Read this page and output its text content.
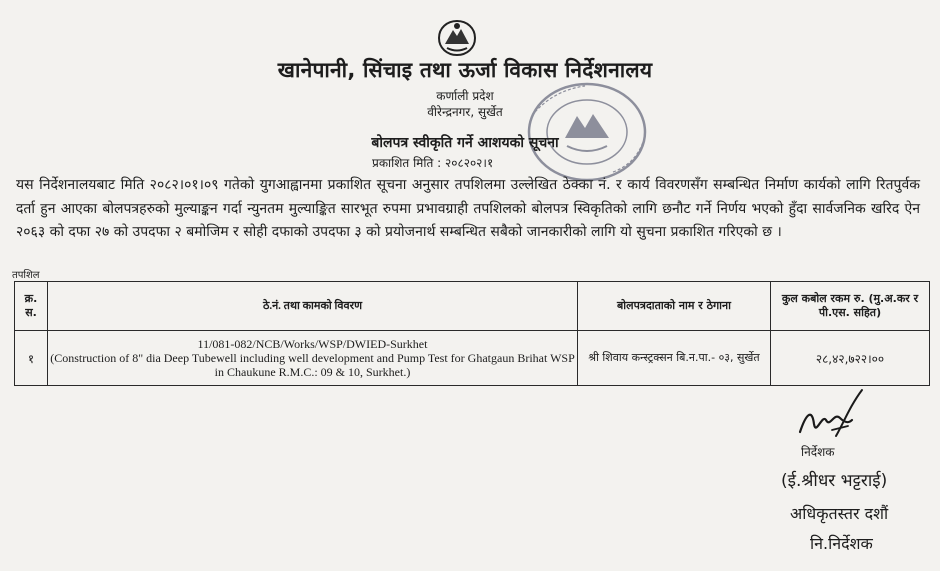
खानेपानी, सिंचाइ तथा ऊर्जा विकास निर्देशनालय
कर्णाली प्रदेश
वीरेन्द्रनगर, सुर्खेत
बोलपत्र स्वीकृति गर्ने आशयको सूचना
प्रकाशित मिति : २०८२०२।१
यस निर्देशनालयबाट मिति २०८२।०१।०९ गतेको युगआह्वानमा प्रकाशित सूचना अनुसार तपशिलमा उल्लेखित ठेक्का नं. र कार्य विवरणसँग सम्बन्धित निर्माण कार्यको लागि रितपुर्वक दर्ता हुन आएका बोलपत्रहरुको मुल्याङ्कन गर्दा न्युनतम मुल्याङ्कित सारभूत रुपमा प्रभावग्राही तपशिलको बोलपत्र स्विकृतिको लागि छनौट गर्ने निर्णय भएको हुँदा सार्वजनिक खरिद ऐन २०६३ को दफा २७ को उपदफा २ बमोजिम र सोही दफाको उपदफा ३ को प्रयोजनार्थ सम्बन्धित सबैको जानकारीको लागि यो सुचना प्रकाशित गरिएको छ ।
तपशिल
क्र.
स.	ठे.नं. तथा कामको विवरण	बोलपत्रदाताको नाम र ठेगाना	कुल कबोल रकम रु. (मु.अ.कर र पी.एस. सहित)
१	11/081-082/NCB/Works/WSP/DWIED-Surkhet
(Construction of 8" dia Deep Tubewell including well development and Pump Test for Ghatgaun Brihat WSP in Chaukune R.M.C.: 09 & 10, Surkhet.)	श्री शिवाय कन्स्ट्रक्सन बि.न.पा.- ०३, सुर्खेत	२८,४२,७२२।००
निर्देशक
(ई.श्रीधर भट्टराई)
अधिकृतस्तर दशौं
नि.निर्देशक
